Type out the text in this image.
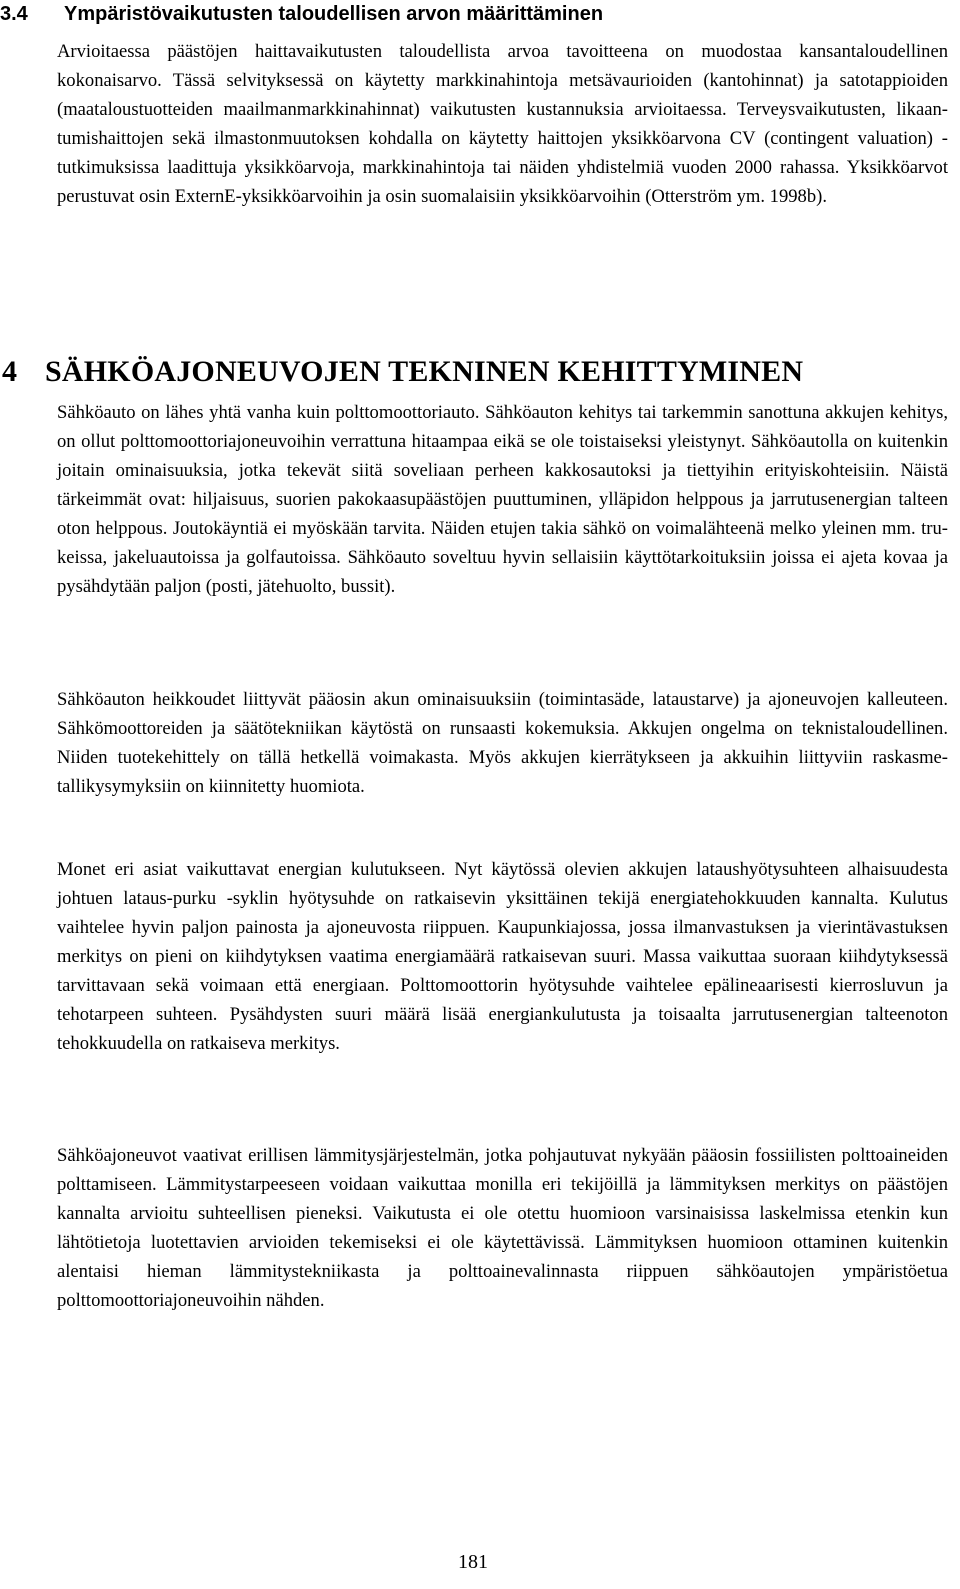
3.4 Ympäristövaikutusten taloudellisen arvon määrittäminen

Arvioitaessa päästöjen haittavaikutusten taloudellista arvoa tavoitteena on muodostaa kansantaloudellinen kokonaisarvo. Tässä selvityksessä on käytetty markkinahintoja metsävaurioiden (kantohinnat) ja satotappioiden (maataloustuotteiden maailmanmarkkinahinnat) vaikutusten kustannuksia arvioitaessa. Terveysvaikutusten, likaantumishaittojen sekä ilmastonmuutoksen kohdalla on käytetty haittojen yksikköarvona CV (contingent valuation) -tutkimuksissa laadittuja yksikköarvoja, markkinahintoja tai näiden yhdistelmiä vuoden 2000 rahassa. Yksikköarvot perustuvat osin ExternE-yksikköarvoihin ja osin suomalaisiin yksikköarvoihin (Otterström ym. 1998b).

4 SÄHKÖAJONEUVOJEN TEKNINEN KEHITTYMINEN

Sähköauto on lähes yhtä vanha kuin polttomoottoriauto. Sähköauton kehitys tai tarkemmin sanottuna akkujen kehitys, on ollut polttomoottoriajoneuvoihin verrattuna hitaampaa eikä se ole toistaiseksi yleistynyt. Sähköautolla on kuitenkin joitain ominaisuuksia, jotka tekevät siitä soveliaan perheen kakkosautoksi ja tiettyihin erityiskohteisiin. Näistä tärkeimmät ovat: hiljaisuus, suorien pakokaasupäästöjen puuttuminen, ylläpidon helppous ja jarrutusenergian talteen oton helppous. Joutokäyntiä ei myöskään tarvita. Näiden etujen takia sähkö on voimalähteenä melko yleinen mm. trukeissa, jakeluautoissa ja golfautoissa. Sähköauto soveltuu hyvin sellaisiin käyttötarkoituksiin joissa ei ajeta kovaa ja pysähdytään paljon (posti, jätehuolto, bussit).

Sähköauton heikkoudet liittyvät pääosin akun ominaisuuksiin (toimintasäde, lataustarve) ja ajoneuvojen kalleuteen. Sähkömoottoreiden ja säätötekniikan käytöstä on runsaasti kokemuksia. Akkujen ongelma on teknistaloudellinen. Niiden tuotekehittely on tällä hetkellä voimakasta. Myös akkujen kierrätykseen ja akkuihin liittyviin raskasmetallikysymyksiin on kiinnitetty huomiota.

Monet eri asiat vaikuttavat energian kulutukseen. Nyt käytössä olevien akkujen lataushyötysuhteen alhaisuudesta johtuen lataus-purku -syklin hyötysuhde on ratkaisevin yksittäinen tekijä energiatehokkuuden kannalta. Kulutus vaihtelee hyvin paljon painosta ja ajoneuvosta riippuen. Kaupunkiajossa, jossa ilmanvastuksen ja vierintävastuksen merkitys on pieni on kiihdytyksen vaatima energiamäärä ratkaisevan suuri. Massa vaikuttaa suoraan kiihdytyksessä tarvittavaan sekä voimaan että energiaan. Polttomoottorin hyötysuhde vaihtelee epälineaarisesti kierrosluvun ja tehotarpeen suhteen. Pysähdysten suuri määrä lisää energiankulutusta ja toisaalta jarrutusenergian talteenoton tehokkuudella on ratkaiseva merkitys.

Sähköajoneuvot vaativat erillisen lämmitysjärjestelmän, jotka pohjautuvat nykyään pääosin fossiilisten polttoaineiden polttamiseen. Lämmitystarpeeseen voidaan vaikuttaa monilla eri tekijöillä ja lämmityksen merkitys on päästöjen kannalta arvioitu suhteellisen pieneksi. Vaikutusta ei ole otettu huomioon varsinaisissa laskelmissa etenkin kun lähtötietoja luotettavien arvioiden tekemiseksi ei ole käytettävissä. Lämmityksen huomioon ottaminen kuitenkin alentaisi hieman lämmitystekniikasta ja polttoainevalinnasta riippuen sähköautojen ympäristöetua polttomoottoriajoneuvoihin nähden.

181
